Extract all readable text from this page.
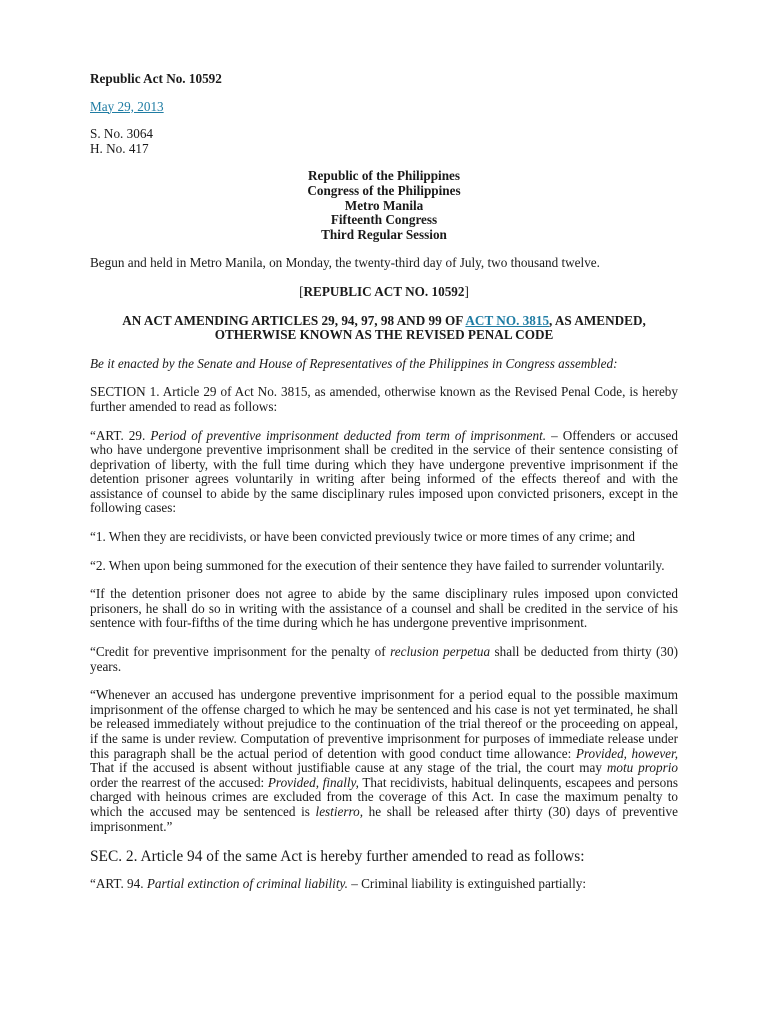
Republic Act No. 10592
May 29, 2013
S. No. 3064
H. No. 417
Republic of the Philippines
Congress of the Philippines
Metro Manila
Fifteenth Congress
Third Regular Session

Begun and held in Metro Manila, on Monday, the twenty-third day of July, two thousand twelve.

[REPUBLIC ACT NO. 10592]
AN ACT AMENDING ARTICLES 29, 94, 97, 98 AND 99 OF ACT NO. 3815, AS AMENDED, OTHERWISE KNOWN AS THE REVISED PENAL CODE

Be it enacted by the Senate and House of Representatives of the Philippines in Congress assembled:

SECTION 1. Article 29 of Act No. 3815, as amended, otherwise known as the Revised Penal Code, is hereby further amended to read as follows:

“ART. 29. Period of preventive imprisonment deducted from term of imprisonment. – Offenders or accused who have undergone preventive imprisonment shall be credited in the service of their sentence consisting of deprivation of liberty, with the full time during which they have undergone preventive imprisonment if the detention prisoner agrees voluntarily in writing after being informed of the effects thereof and with the assistance of counsel to abide by the same disciplinary rules imposed upon convicted prisoners, except in the following cases:

“1. When they are recidivists, or have been convicted previously twice or more times of any crime; and

“2. When upon being summoned for the execution of their sentence they have failed to surrender voluntarily.

“If the detention prisoner does not agree to abide by the same disciplinary rules imposed upon convicted prisoners, he shall do so in writing with the assistance of a counsel and shall be credited in the service of his sentence with four-fifths of the time during which he has undergone preventive imprisonment.

“Credit for preventive imprisonment for the penalty of reclusion perpetua shall be deducted from thirty (30) years.

“Whenever an accused has undergone preventive imprisonment for a period equal to the possible maximum imprisonment of the offense charged to which he may be sentenced and his case is not yet terminated, he shall be released immediately without prejudice to the continuation of the trial thereof or the proceeding on appeal, if the same is under review. Computation of preventive imprisonment for purposes of immediate release under this paragraph shall be the actual period of detention with good conduct time allowance: Provided, however, That if the accused is absent without justifiable cause at any stage of the trial, the court may motu proprio order the rearrest of the accused: Provided, finally, That recidivists, habitual delinquents, escapees and persons charged with heinous crimes are excluded from the coverage of this Act. In case the maximum penalty to which the accused may be sentenced is lestierro, he shall be released after thirty (30) days of preventive imprisonment.”

SEC. 2. Article 94 of the same Act is hereby further amended to read as follows:

“ART. 94. Partial extinction of criminal liability. – Criminal liability is extinguished partially:
